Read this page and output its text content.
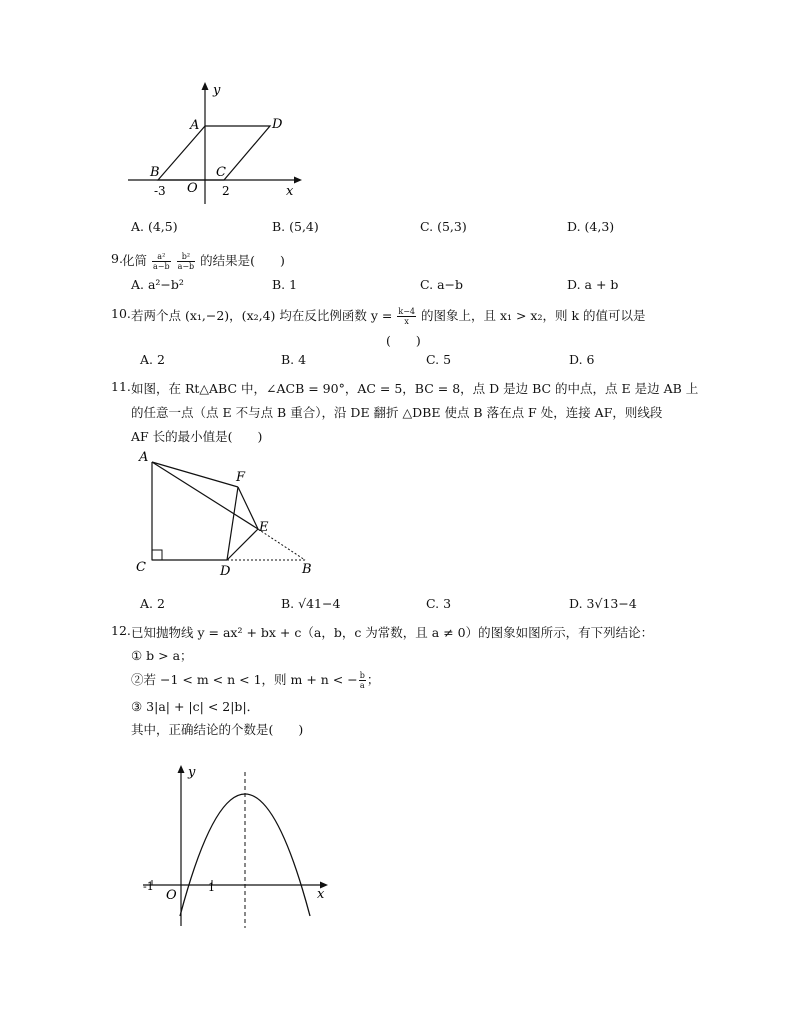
y
x
A	D
B	C
O
-3	2
A. (4,5)	B. (5,4)	C. (5,3)	D. (4,3)
9. 化简 $\frac{\text{a²}}{a-b}$
$\frac{\text{b²}}{a-b}$ 的结果是(　　)
A. a²−b²	B. 1	C. a−b	D. a + b
10. 若两个点 (x₁,−2)，(x₂,4) 均在反比例函数 $y = \frac{k-4}{x}$ 的图象上，且 x₁ > x₂，则 k 的值可以是
(　　)
A. 2	B. 4	C. 5	D. 6
11. 如图，在 Rt△ABC 中，∠ACB = 90°，AC = 5，BC = 8，点 D 是边 BC 的中点，点 E 是边 AB 上
的任意一点（点 E 不与点 B 重合），沿 DE 翻折 △DBE 使点 B 落在点 F 处，连接 AF，则线段
AF 长的最小值是(　　)
A
F
E
C	D	B
A. 2	B. √41−4	C. 3	D. 3√13−4
12. 已知抛物线 y = ax² + bx + c（a，b，c 为常数，且 a ≠ 0）的图象如图所示，有下列结论：
① b > a；
②若 −1 < m < n < 1，则 m + n < − $\frac{b}{a}$ ；
③ 3|a| + |c| < 2|b|．
其中，正确结论的个数是(　　)
y
x
O
-1	1
